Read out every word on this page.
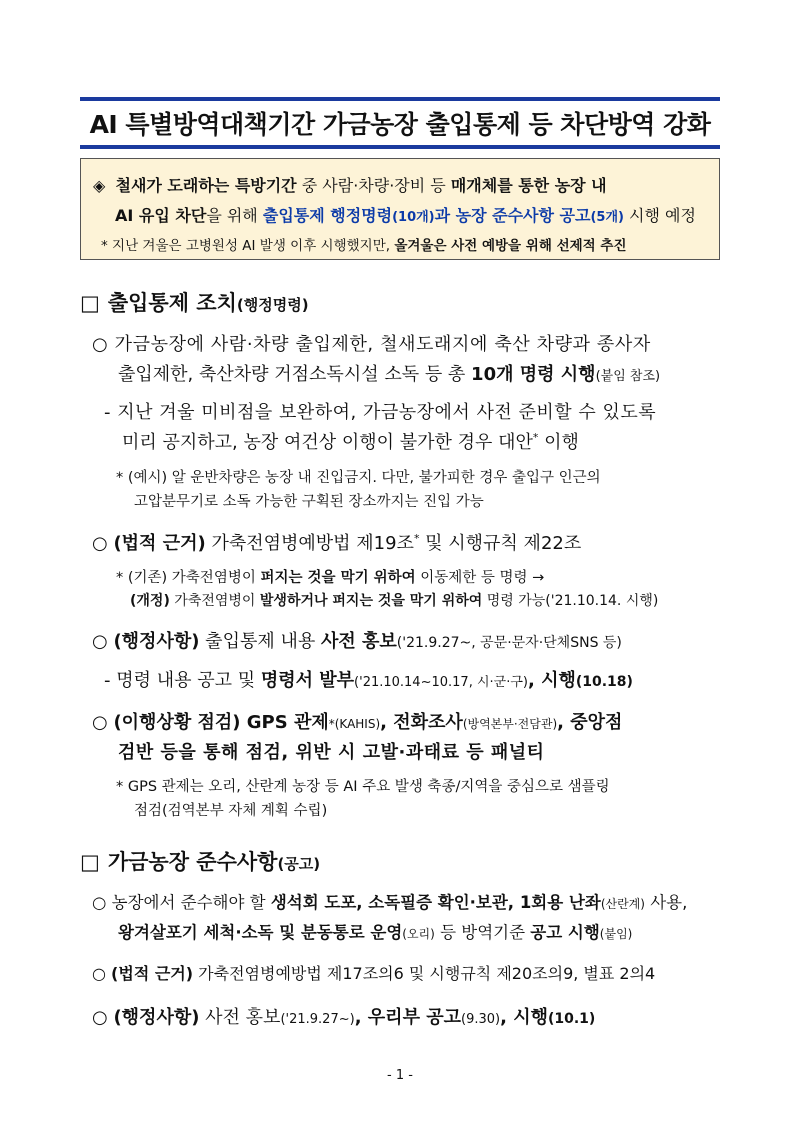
AI 특별방역대책기간 가금농장 출입통제 등 차단방역 강화
◈ 철새가 도래하는 특방기간 중 사람·차량·장비 등 매개체를 통한 농장 내
AI 유입 차단을 위해 출입통제 행정명령(10개)과 농장 준수사항 공고(5개) 시행 예정
* 지난 겨울은 고병원성 AI 발생 이후 시행했지만, 올겨울은 사전 예방을 위해 선제적 추진
□ 출입통제 조치(행정명령)
○ 가금농장에 사람·차량 출입제한, 철새도래지에 축산 차량과 종사자
출입제한, 축산차량 거점소독시설 소독 등 총 10개 명령 시행(붙임 참조)
- 지난 겨울 미비점을 보완하여, 가금농장에서 사전 준비할 수 있도록
미리 공지하고, 농장 여건상 이행이 불가한 경우 대안* 이행
* (예시) 알 운반차량은 농장 내 진입금지. 다만, 불가피한 경우 출입구 인근의
고압분무기로 소독 가능한 구획된 장소까지는 진입 가능
○ (법적 근거) 가축전염병예방법 제19조* 및 시행규칙 제22조
* (기존) 가축전염병이 퍼지는 것을 막기 위하여 이동제한 등 명령 →
(개정) 가축전염병이 발생하거나 퍼지는 것을 막기 위하여 명령 가능('21.10.14. 시행)
○ (행정사항) 출입통제 내용 사전 홍보('21.9.27~, 공문·문자·단체SNS 등)
- 명령 내용 공고 및 명령서 발부('21.10.14~10.17, 시·군·구), 시행(10.18)
○ (이행상황 점검) GPS 관제*(KAHIS), 전화조사(방역본부·전담관), 중앙점
검반 등을 통해 점검, 위반 시 고발·과태료 등 패널티
* GPS 관제는 오리, 산란계 농장 등 AI 주요 발생 축종/지역을 중심으로 샘플링
점검(검역본부 자체 계획 수립)
□ 가금농장 준수사항(공고)
○ 농장에서 준수해야 할 생석회 도포, 소독필증 확인·보관, 1회용 난좌(산란계) 사용,
왕겨살포기 세척·소독 및 분동통로 운영(오리) 등 방역기준 공고 시행(붙임)
○ (법적 근거) 가축전염병예방법 제17조의6 및 시행규칙 제20조의9, 별표 2의4
○ (행정사항) 사전 홍보('21.9.27~), 우리부 공고(9.30), 시행(10.1)
- 1 -
